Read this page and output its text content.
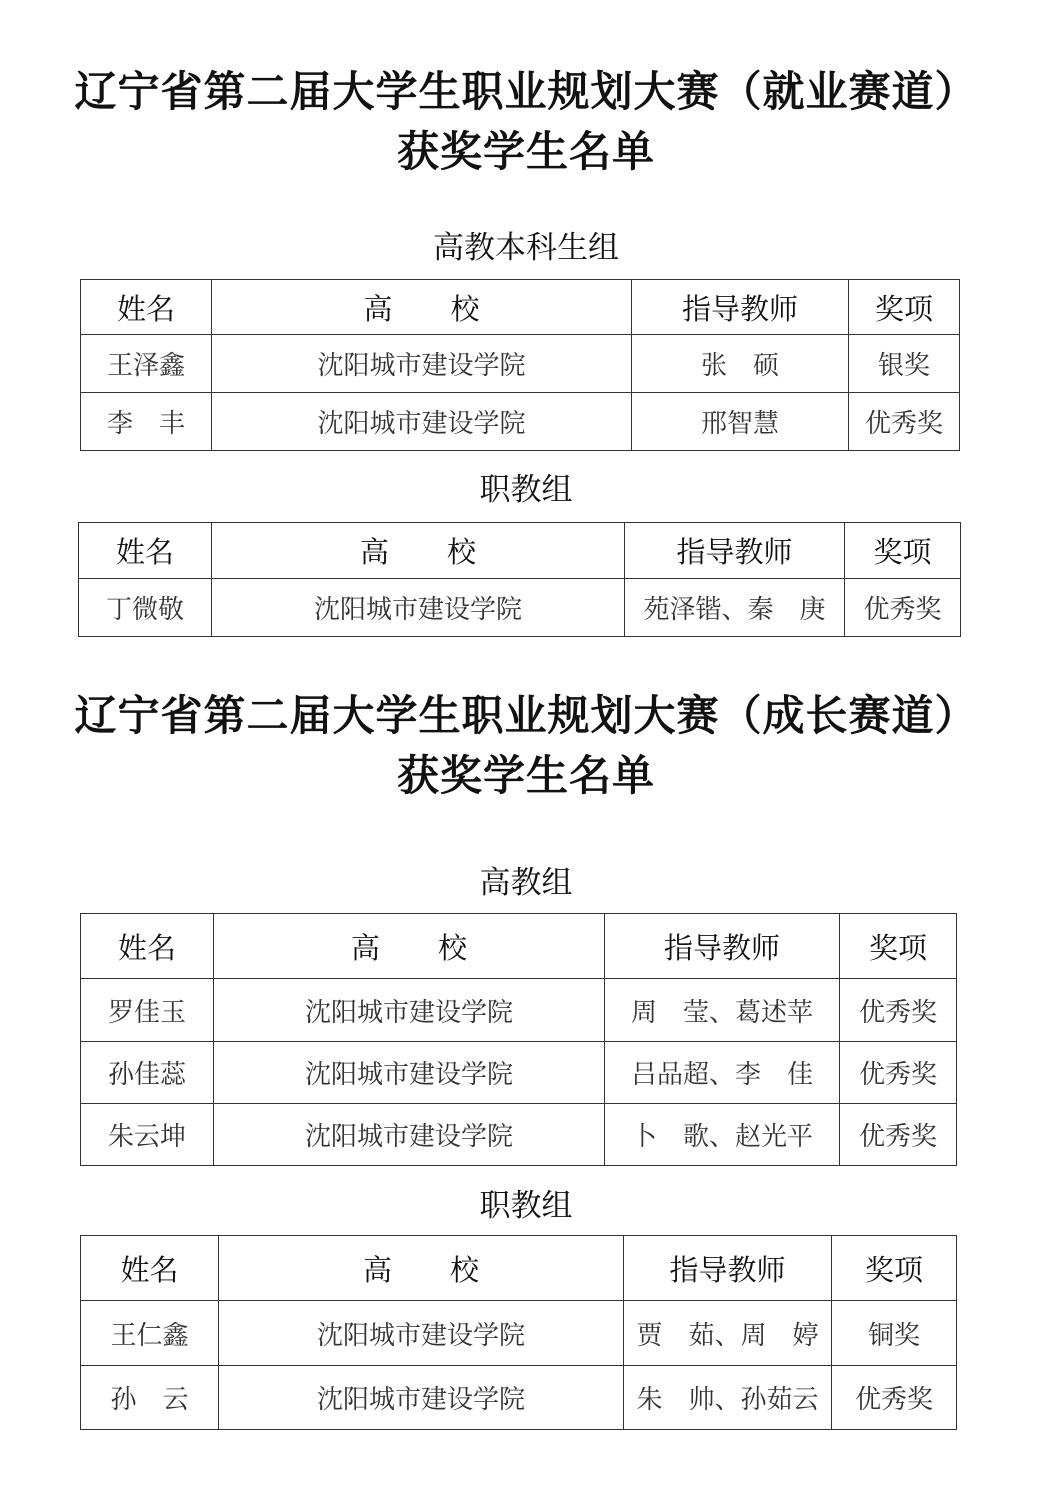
辽宁省第二届大学生职业规划大赛（就业赛道）
获奖学生名单
高教本科生组
姓名	高　　校	指导教师	奖项
王泽鑫	沈阳城市建设学院	张　硕	银奖
李　丰	沈阳城市建设学院	邢智慧	优秀奖
职教组
姓名	高　　校	指导教师	奖项
丁微敬	沈阳城市建设学院	苑泽锴、秦　庚	优秀奖
辽宁省第二届大学生职业规划大赛（成长赛道）
获奖学生名单
高教组
姓名	高　　校	指导教师	奖项
罗佳玉	沈阳城市建设学院	周　莹、葛述苹	优秀奖
孙佳蕊	沈阳城市建设学院	吕品超、李　佳	优秀奖
朱云坤	沈阳城市建设学院	卜　歌、赵光平	优秀奖
职教组
姓名	高　　校	指导教师	奖项
王仁鑫	沈阳城市建设学院	贾　茹、周　婷	铜奖
孙　云	沈阳城市建设学院	朱　帅、孙茹云	优秀奖
